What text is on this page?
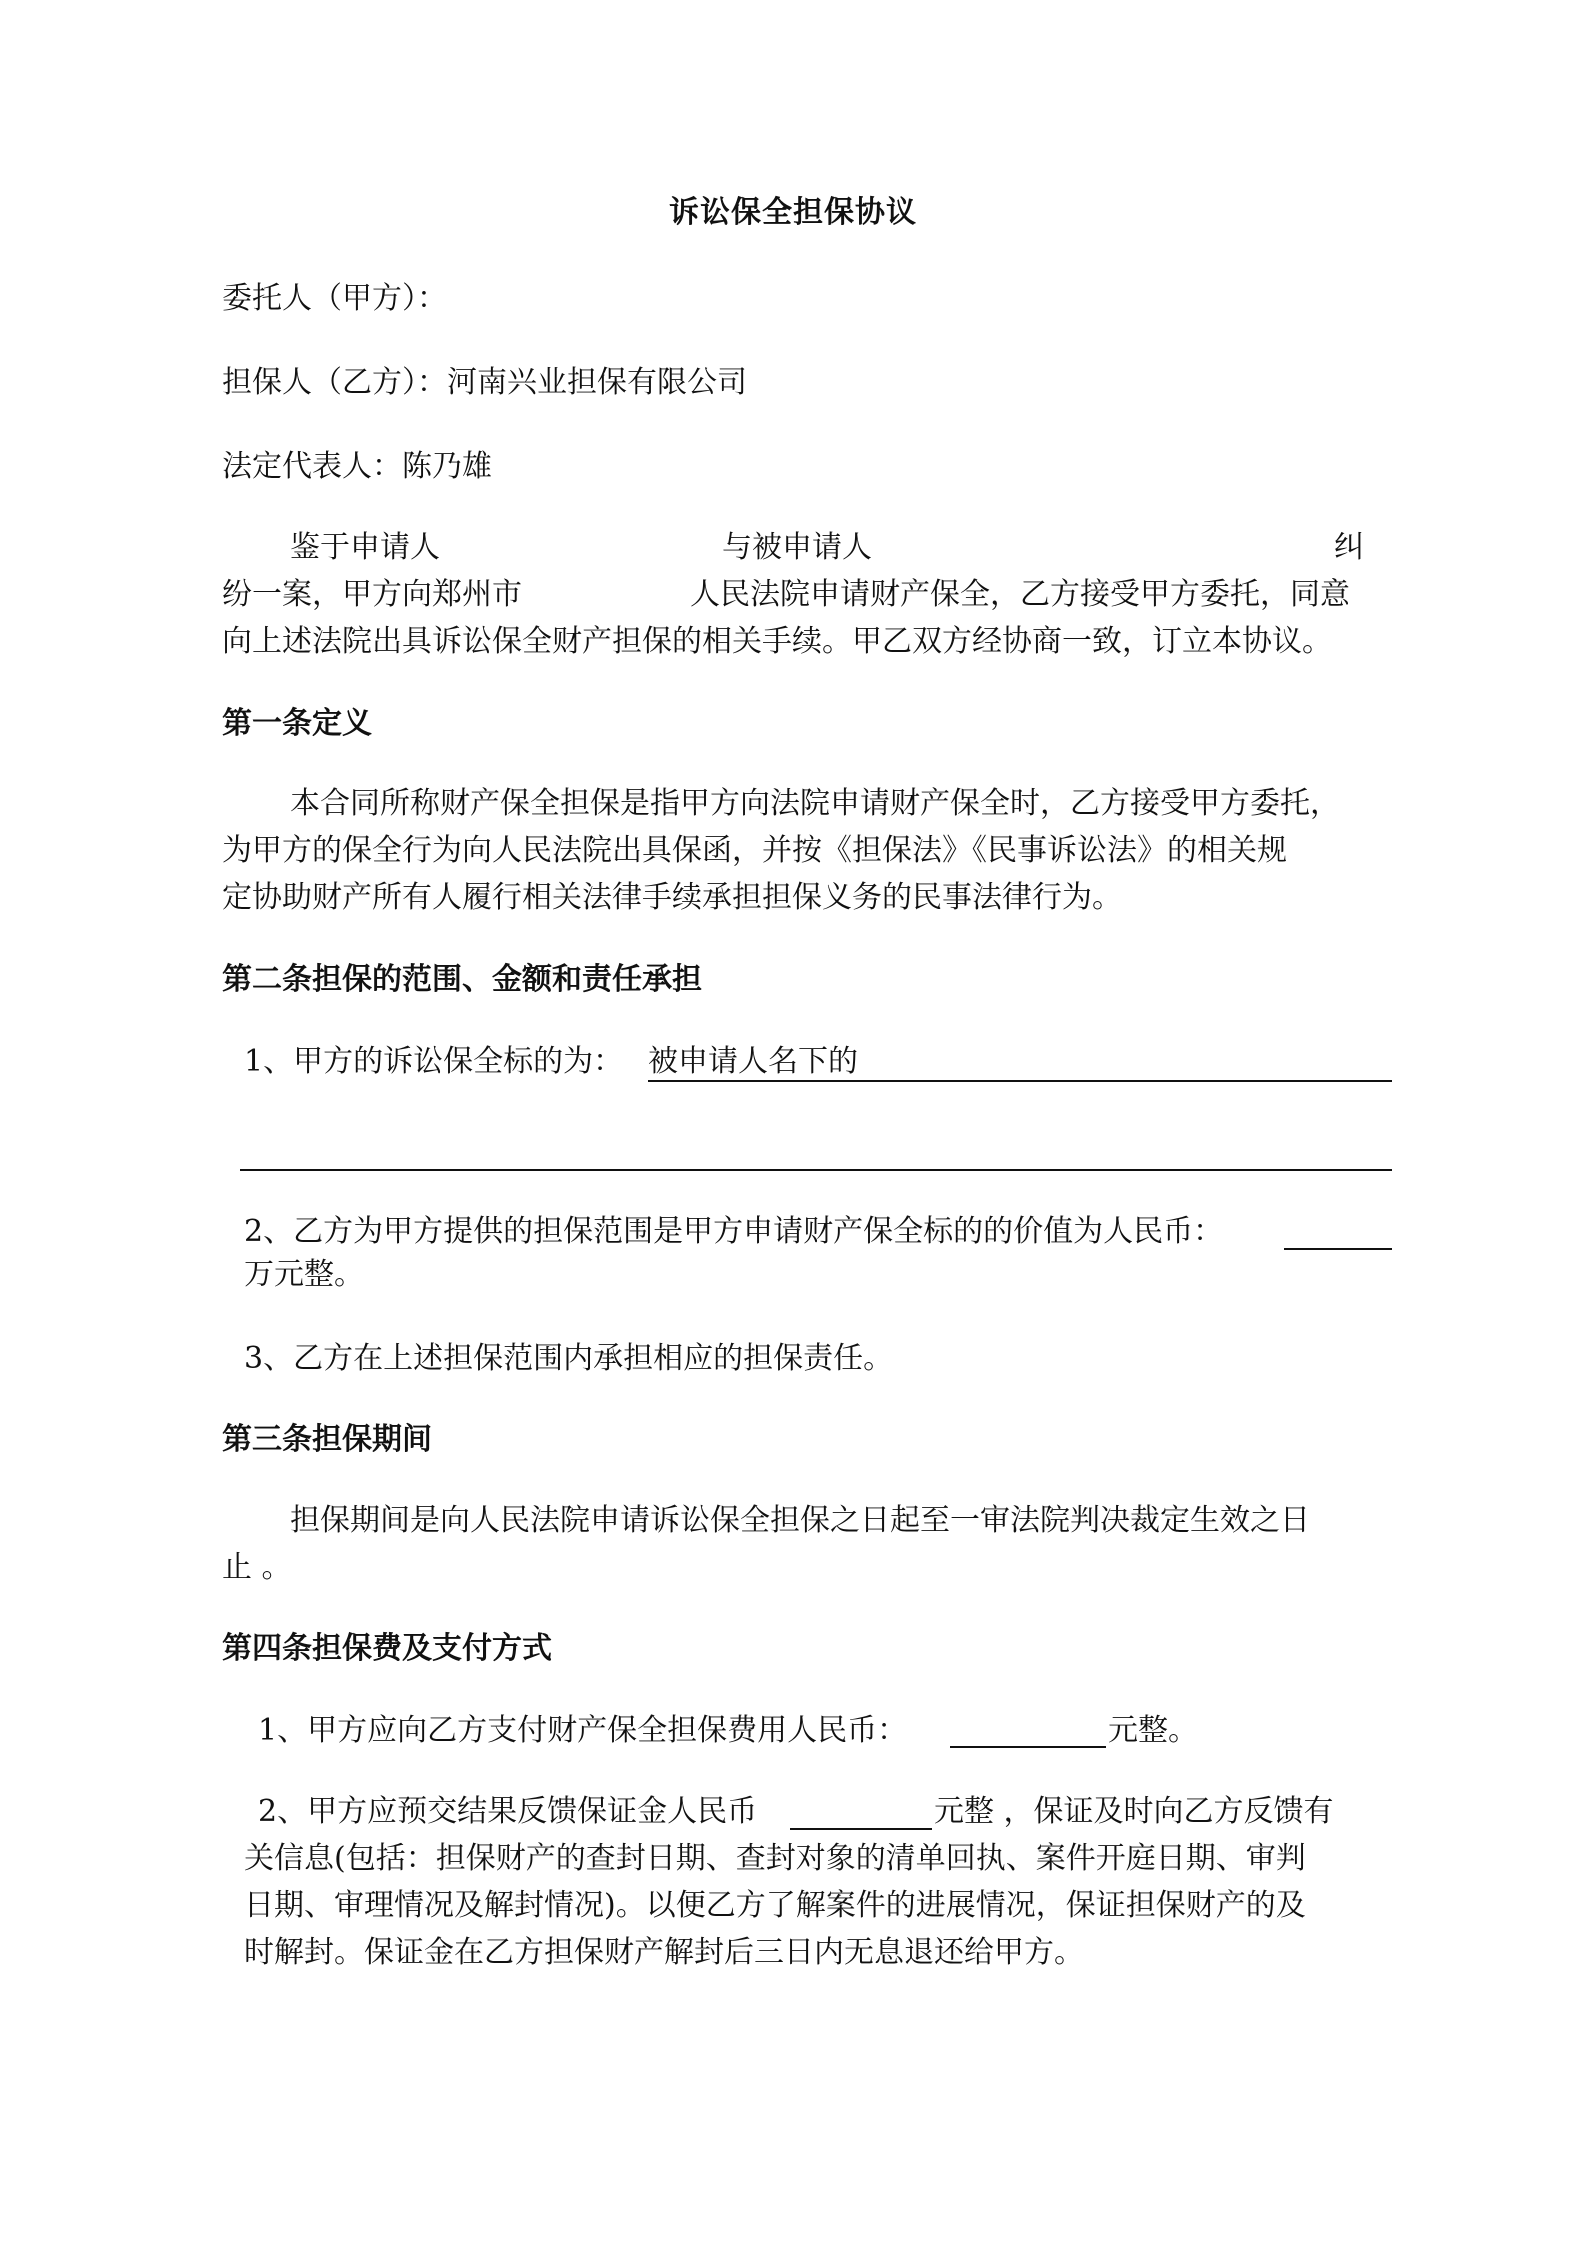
诉讼保全担保协议
委托人（甲方）：
担保人（乙方）：河南兴业担保有限公司
法定代表人：陈乃雄
鉴于申请人	与被申请人	纠
纷一案，甲方向郑州市	人民法院申请财产保全，乙方接受甲方委托，同意
向上述法院出具诉讼保全财产担保的相关手续。甲乙双方经协商一致，订立本协议。
第一条定义
本合同所称财产保全担保是指甲方向法院申请财产保全时，乙方接受甲方委托，
为甲方的保全行为向人民法院出具保函，并按《担保法》《民事诉讼法》的相关规
定协助财产所有人履行相关法律手续承担担保义务的民事法律行为。
第二条担保的范围、金额和责任承担
1、甲方的诉讼保全标的为： 被申请人名下的
2、乙方为甲方提供的担保范围是甲方申请财产保全标的的价值为人民币：
万元整。
3、乙方在上述担保范围内承担相应的担保责任。
第三条担保期间
担保期间是向人民法院申请诉讼保全担保之日起至一审法院判决裁定生效之日
止 。
第四条担保费及支付方式
1、甲方应向乙方支付财产保全担保费用人民币：	元整。
2、甲方应预交结果反馈保证金人民币	元整 ，保证及时向乙方反馈有
关信息(包括：担保财产的查封日期、查封对象的清单回执、案件开庭日期、审判
日期、审理情况及解封情况)。以便乙方了解案件的进展情况，保证担保财产的及
时解封。保证金在乙方担保财产解封后三日内无息退还给甲方。
